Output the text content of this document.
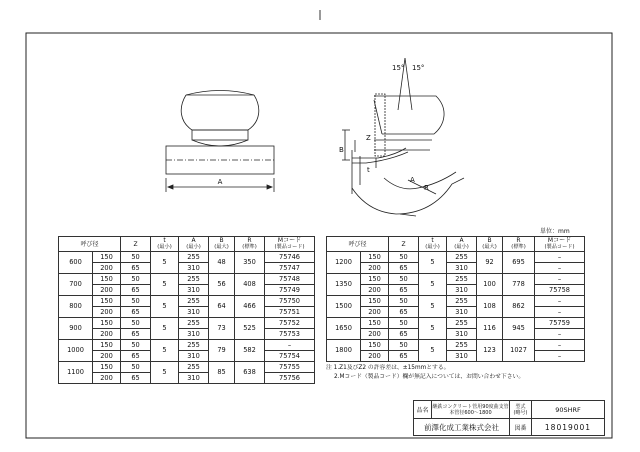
A
15° 15°
Z
B
t
A
R
単位：mm
呼び径		Z	t
(最小)	A
(最小)	B
(最大)	R
(標準)	Mコード
(製品コード)

600	150	50	5	255	48	350	75746
	200	65		310			75747
700	150	50	5	255	56	408	75748
	200	65		310			75749
800	150	50	5	255	64	466	75750
	200	65		310			75751
900	150	50	5	255	73	525	75752
	200	65		310			75753
1000	150	50	5	255	79	582	–
	200	65		310			75754
1100	150	50	5	255	85	638	75755
	200	65		310			75756
呼び径		Z	t
(最小)	A
(最小)	B
(最大)	R
(標準)	Mコード
(製品コード)

1200	150	50	5	255	92	695	–
	200	65		310			–
1350	150	50	5	255	100	778	–
	200	65		310			75758
1500	150	50	5	255	108	862	–
	200	65		310			–
1650	150	50	5	255	116	945	75759
	200	65		310			–
1800	150	50	5	255	123	1027	–
	200	65		310			–
注 1.Z1及びZ2 の許容差は、±15mmとする。
2.Mコード（製品コード）欄が無記入については、お問い合わせ下さい。
品名
継鉄コンクリート管用90度曲支管
本管径600～1800
型式
(略号)	90SHRF
前澤化成工業株式会社	図番	18019001
